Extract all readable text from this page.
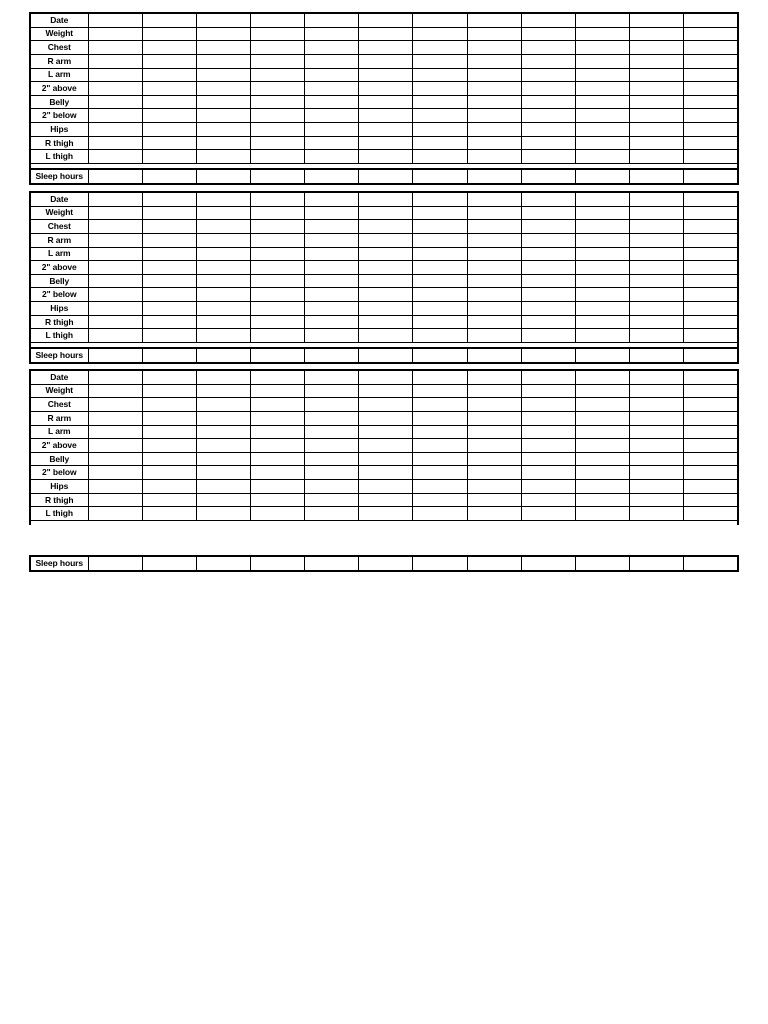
Date												
Weight												
Chest												
R arm												
L arm												
2" above												
Belly												
2" below												
Hips												
R thigh												
L thigh												

Sleep hours												
Date												
Weight												
Chest												
R arm												
L arm												
2" above												
Belly												
2" below												
Hips												
R thigh												
L thigh												

Sleep hours												
Date												
Weight												
Chest												
R arm												
L arm												
2" above												
Belly												
2" below												
Hips												
R thigh												
L thigh												
Sleep hours												
